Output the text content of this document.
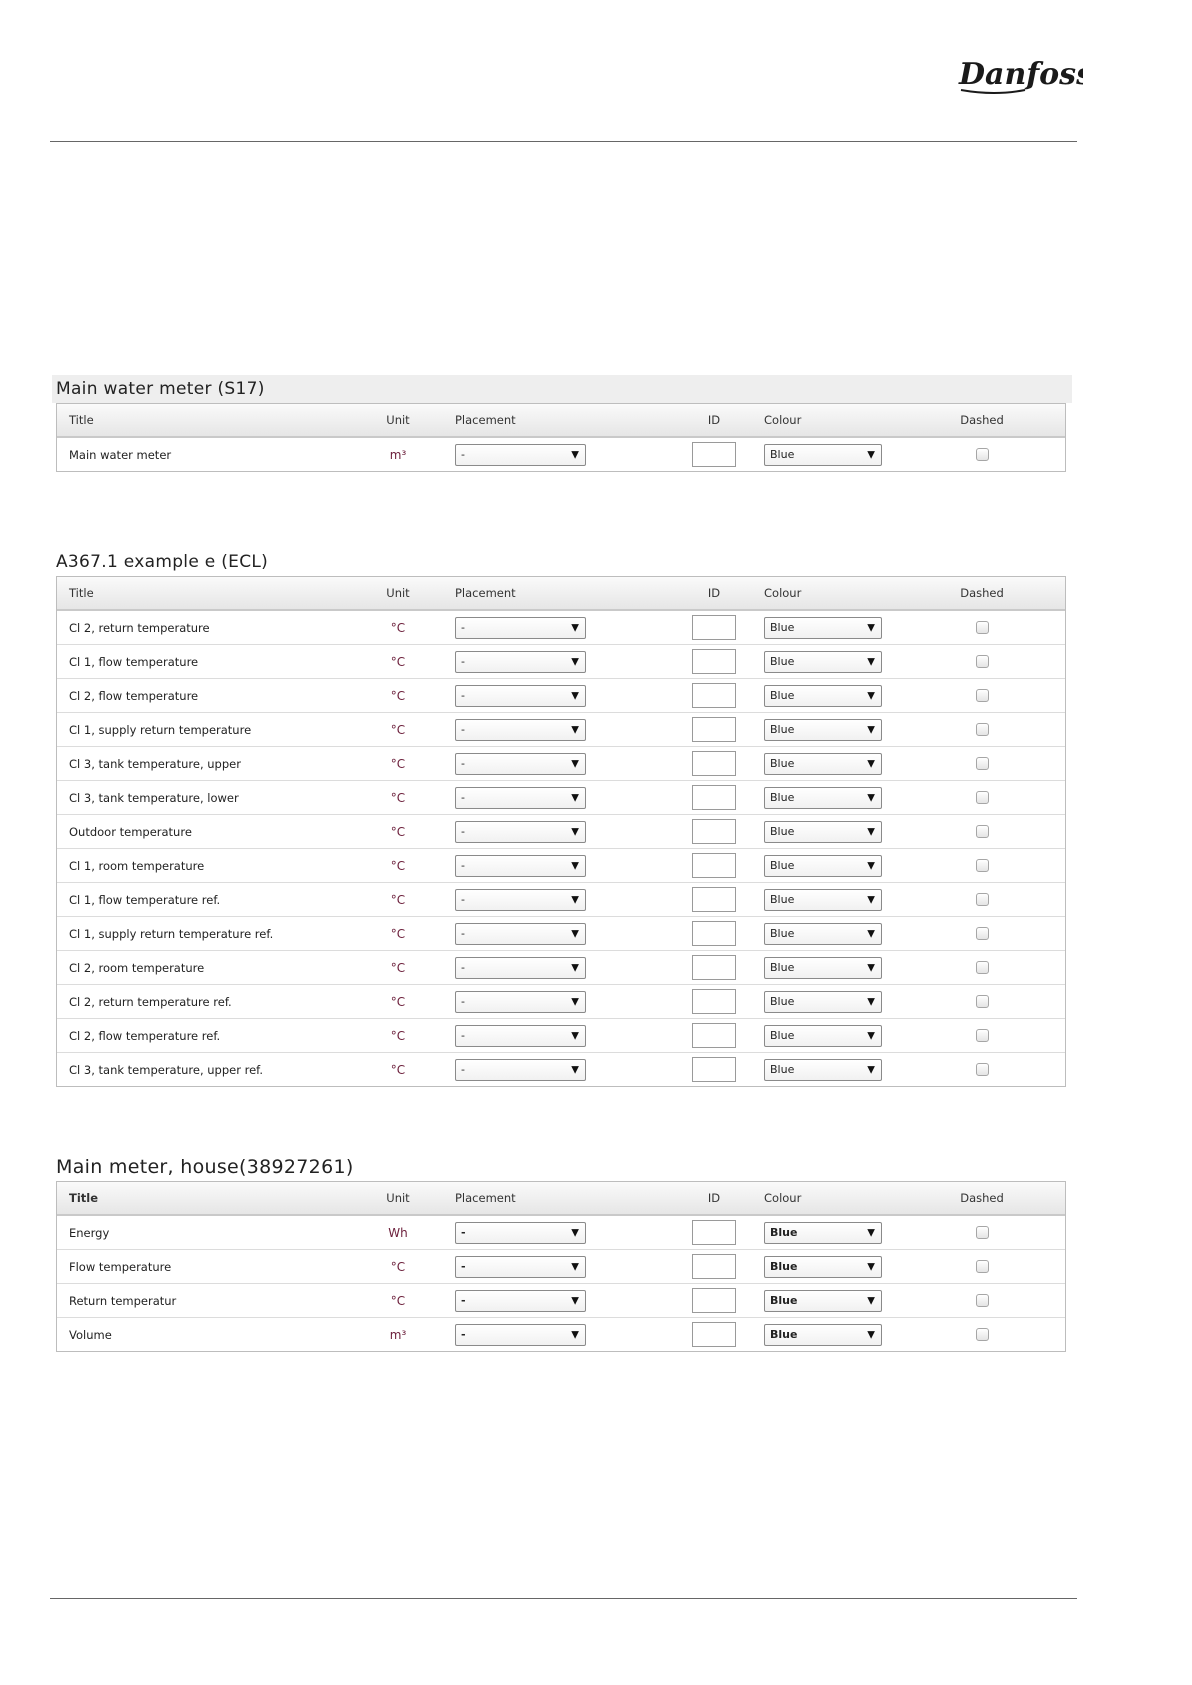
Danfoss
Main water meter (S17)
Title	Unit	Placement	ID	Colour	Dashed
Main water meter	m³	-	▼	Blue	▼
A367.1 example e (ECL)
Title	Unit	Placement	ID	Colour	Dashed
Cl 2, return temperature	°C	-	▼	Blue	▼
Cl 1, flow temperature	°C	-	▼	Blue	▼
Cl 2, flow temperature	°C	-	▼	Blue	▼
Cl 1, supply return temperature	°C	-	▼	Blue	▼
Cl 3, tank temperature, upper	°C	-	▼	Blue	▼
Cl 3, tank temperature, lower	°C	-	▼	Blue	▼
Outdoor temperature	°C	-	▼	Blue	▼
Cl 1, room temperature	°C	-	▼	Blue	▼
Cl 1, flow temperature ref.	°C	-	▼	Blue	▼
Cl 1, supply return temperature ref.	°C	-	▼	Blue	▼
Cl 2, room temperature	°C	-	▼	Blue	▼
Cl 2, return temperature ref.	°C	-	▼	Blue	▼
Cl 2, flow temperature ref.	°C	-	▼	Blue	▼
Cl 3, tank temperature, upper ref.	°C	-	▼	Blue	▼
Main meter, house(38927261)
Title	Unit	Placement	ID	Colour	Dashed
Energy	Wh	-	▼	Blue	▼
Flow temperature	°C	-	▼	Blue	▼
Return temperatur	°C	-	▼	Blue	▼
Volume	m³	-	▼	Blue	▼
